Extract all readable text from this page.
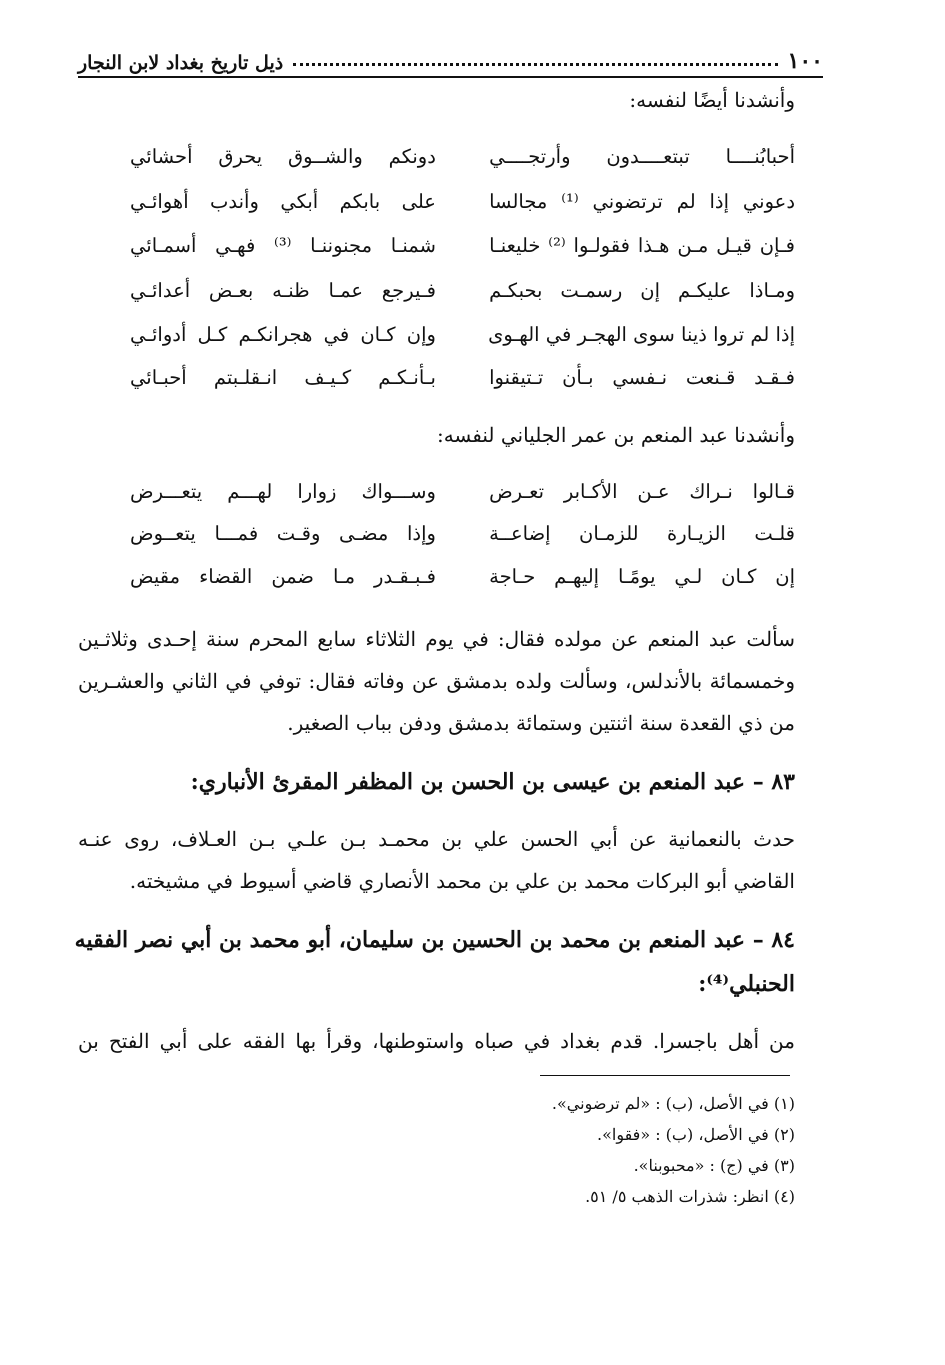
١٠٠
ذيل تاريخ بغداد لابن النجار
وأنشدنا أيضًا لنفسه:
أحبابُنــــا تبتعــــدون وأرتجــــي
دونكم والشــوق يحرق أحشائي
دعوني إذا لم ترتضوني ⁽¹⁾ مجالسا
على بابكم أبكي وأندب أهوائـي
فـإن قيـل مـن هـذا فقولـوا ⁽²⁾ خليعنـا
شمنـا مجنوننـا ⁽³⁾ فهـي أسمـائي
ومـاذا عليكـم إن رسمـت بحبكـم
فـيرجع عمـا ظنـه بعـض أعدائـي
إذا لم تروا ذينا سوى الهجـر في الهـوى
وإن كـان في هجرانكـم كـل أدوائـي
فـقـد قـنعت نـفسي بـأن تـتيقنوا
بـأنـكـم كـيـف انـقلـبتم أحبـائي
وأنشدنا عبد المنعم بن عمر الجلياني لنفسه:
قـالوا نـراك عـن الأكـابر تعـرض
وســـواك زوارا لهـــم يتعـــرض
قلـت الزيـارة للزمـان إضاعــة
وإذا مضـى وقـت فمـــا يتعــوض
إن كـان لـي يومًـا إليهـم حـاجة
فـبـقـدر مـا ضمن القضاء مقيض
سألت عبد المنعم عن مولده فقال: في يوم الثلاثاء سابع المحرم سنة إحـدى وثلاثـين
وخمسمائة بالأندلس، وسألت ولده بدمشق عن وفاته فقال: توفي في الثاني والعشـرين
من ذي القعدة سنة اثنتين وستمائة بدمشق ودفن بباب الصغير.
٨٣ – عبد المنعم بن عيسى بن الحسن بن المظفر المقرئ الأنباري:
حدث بالنعمانية عن أبي الحسن علي بن محمـد بـن علـي بـن العـلاف، روى عنـه
القاضي أبو البركات محمد بن علي بن محمد الأنصاري قاضي أسيوط في مشيخته.
٨٤ – عبد المنعم بن محمد بن الحسين بن سليمان، أبو محمد بن أبي نصر الفقيه
الحنبلي⁽⁴⁾:
من أهل باجسرا. قدم بغداد في صباه واستوطنها، وقرأ بها الفقه على أبي الفتح بن
(١) في الأصل، (ب) : «لم ترضوني».
(٢) في الأصل، (ب) : «فقوا».
(٣) في (ج) : «محبوبنا».
(٤) انظر: شذرات الذهب ٥/ ٥١.
